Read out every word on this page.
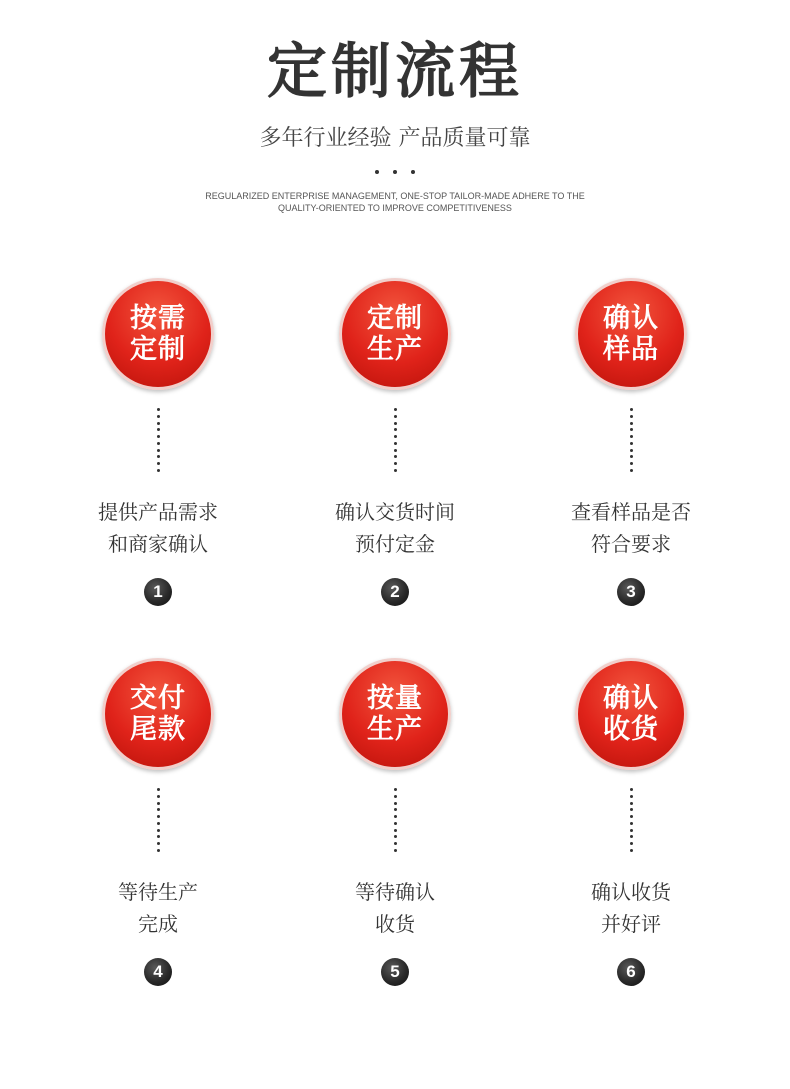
定制流程
多年行业经验 产品质量可靠
REGULARIZED ENTERPRISE MANAGEMENT, ONE-STOP TAILOR-MADE ADHERE TO THE
QUALITY-ORIENTED TO IMPROVE COMPETITIVENESS
按需
定制
提供产品需求
和商家确认
1
定制
生产
确认交货时间
预付定金
2
确认
样品
查看样品是否
符合要求
3
交付
尾款
等待生产
完成
4
按量
生产
等待确认
收货
5
确认
收货
确认收货
并好评
6
